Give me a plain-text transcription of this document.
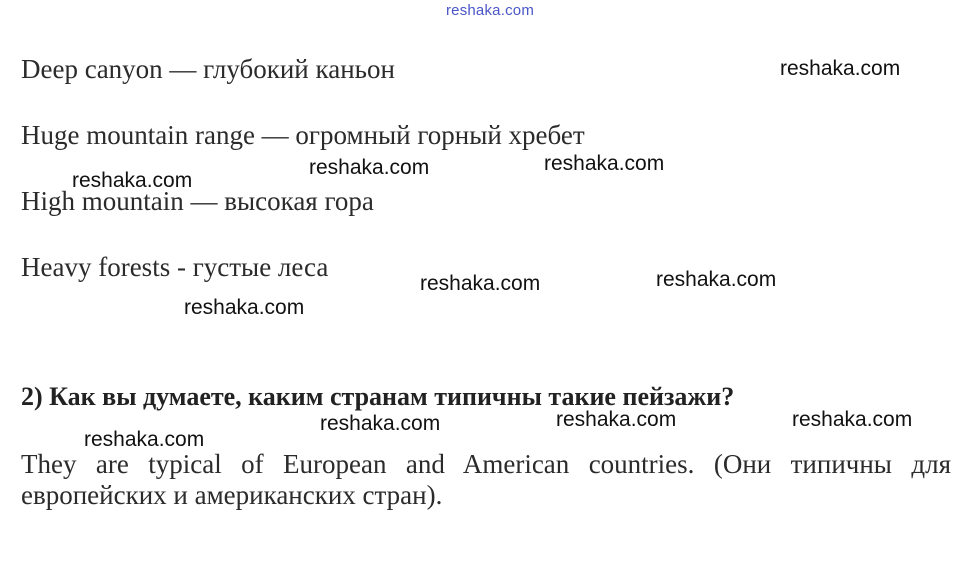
reshaka.com
Deep canyon — глубокий каньон
Huge mountain range — огромный горный хребет
High mountain — высокая гора
Heavy forests - густые леса
2) Как вы думаете, каким странам типичны такие пейзажи?
They are typical of European and American countries. (Они типичны для европейских и американских стран).
reshaka.com
reshaka.com	reshaka.com
reshaka.com
reshaka.com	reshaka.com
reshaka.com
reshaka.com	reshaka.com	reshaka.com
reshaka.com
